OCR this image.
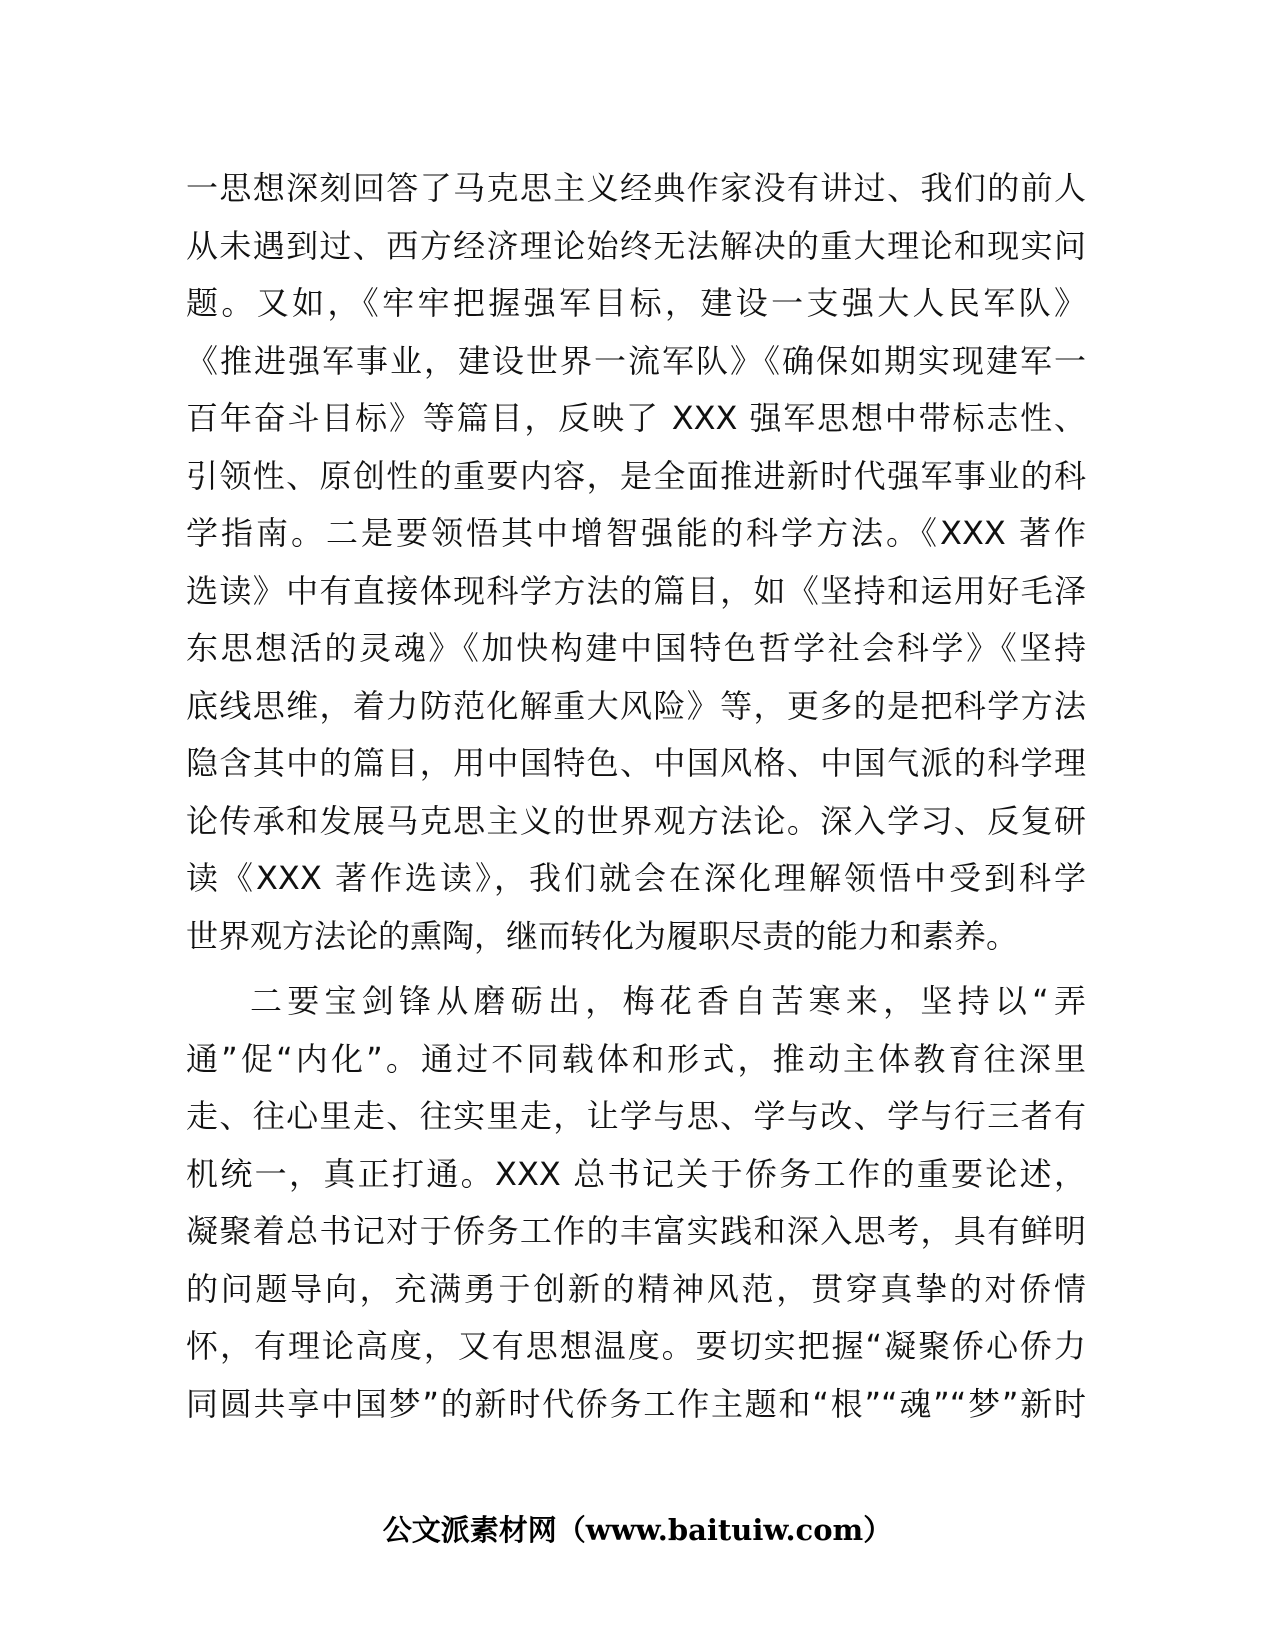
一思想深刻回答了马克思主义经典作家没有讲过、我们的前人
从未遇到过、西方经济理论始终无法解决的重大理论和现实问
题。又如，《牢牢把握强军目标，建设一支强大人民军队》
《推进强军事业，建设世界一流军队》《确保如期实现建军一
百年奋斗目标》等篇目，反映了 XXX 强军思想中带标志性、
引领性、原创性的重要内容，是全面推进新时代强军事业的科
学指南。二是要领悟其中增智强能的科学方法。《XXX 著作
选读》中有直接体现科学方法的篇目，如《坚持和运用好毛泽
东思想活的灵魂》《加快构建中国特色哲学社会科学》《坚持
底线思维，着力防范化解重大风险》等，更多的是把科学方法
隐含其中的篇目，用中国特色、中国风格、中国气派的科学理
论传承和发展马克思主义的世界观方法论。深入学习、反复研
读《XXX 著作选读》，我们就会在深化理解领悟中受到科学
世界观方法论的熏陶，继而转化为履职尽责的能力和素养。
二要宝剑锋从磨砺出，梅花香自苦寒来，坚持以“弄
通”促“内化”。通过不同载体和形式，推动主体教育往深里
走、往心里走、往实里走，让学与思、学与改、学与行三者有
机统一，真正打通。XXX 总书记关于侨务工作的重要论述，
凝聚着总书记对于侨务工作的丰富实践和深入思考，具有鲜明
的问题导向，充满勇于创新的精神风范，贯穿真挚的对侨情
怀，有理论高度，又有思想温度。要切实把握“凝聚侨心侨力
同圆共享中国梦”的新时代侨务工作主题和“根”“魂”“梦”新时
公文派素材网（www.baituiw.com）
